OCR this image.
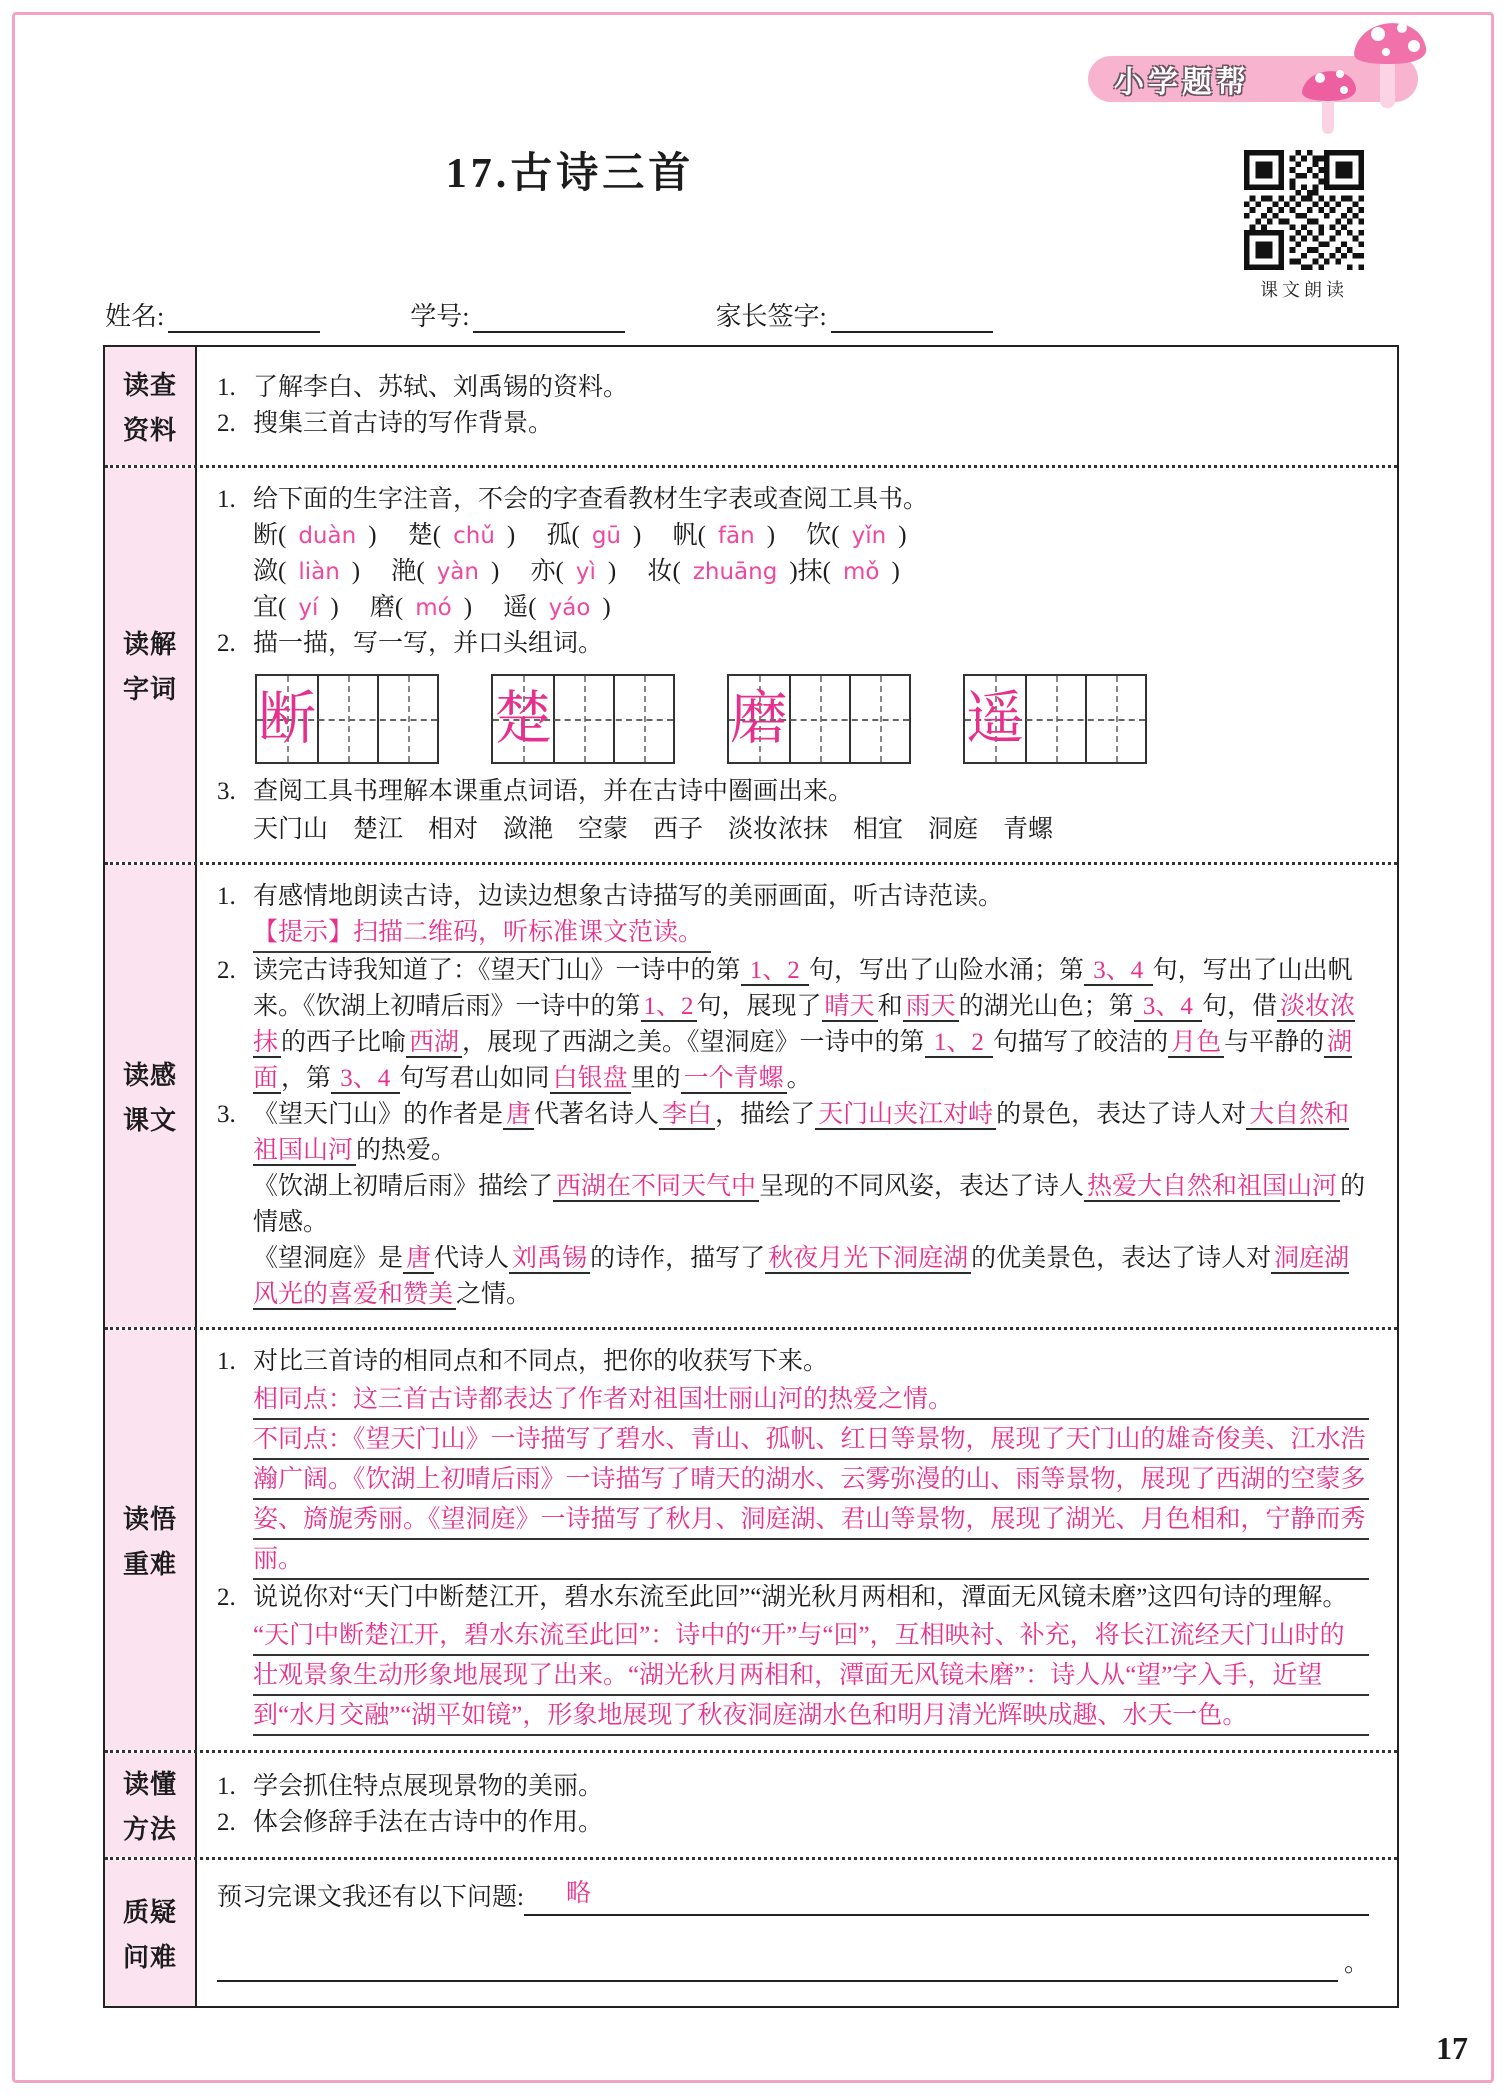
小学题帮
课文朗读
17.古诗三首
姓名:	学号:	家长签字:
读查
资料
1. 了解李白、苏轼、刘禹锡的资料。
2. 搜集三首古诗的写作背景。
读解
字词
1. 给下面的生字注音，不会的字查看教材生字表或查阅工具书。

断( duàn )　 楚( chǔ )　 孤( gū )　 帆( fān )　 饮( yǐn )

潋( liàn )　 滟( yàn )　 亦( yì )　 妆( zhuāng )抹( mǒ )

宜( yí )　 磨( mó )　 遥( yáo )

2. 描一描，写一写，并口头组词。

断	楚	磨	遥
3. 查阅工具书理解本课重点词语，并在古诗中圈画出来。

天门山　楚江　相对　潋滟　空蒙　西子　淡妆浓抹　相宜　洞庭　青螺

读感
课文
1. 有感情地朗读古诗，边读边想象古诗描写的美丽画面，听古诗范读。

【提示】扫描二维码，听标准课文范读。

2. 读完古诗我知道了：《望天门山》一诗中的第 1、2 句，写出了山险水涌；第 3、4 句，写出了山出帆来。《饮湖上初晴后雨》一诗中的第 1、2 句，展现了 晴天 和 雨天 的湖光山色；第 3、4 句，借 淡妆浓抹 的西子比喻 西湖 ，展现了西湖之美。《望洞庭》一诗中的第 1、2 句描写了皎洁的 月色 与平静的 湖面 ，第 3、4 句写君山如同 白银盘 里的 一个青螺 。

3. 《望天门山》的作者是 唐 代著名诗人 李白 ，描绘了 天门山夹江对峙 的景色，表达了诗人对 大自然和祖国山河 的热爱。

《饮湖上初晴后雨》描绘了 西湖在不同天气中 呈现的不同风姿，表达了诗人 热爱大自然和祖国山河 的情感。

《望洞庭》是 唐 代诗人 刘禹锡 的诗作，描写了 秋夜月光下洞庭湖 的优美景色，表达了诗人对 洞庭湖风光的喜爱和赞美 之情。

读悟
重难
1. 对比三首诗的相同点和不同点，把你的收获写下来。

相同点：这三首古诗都表达了作者对祖国壮丽山河的热爱之情。

不同点：《望天门山》一诗描写了碧水、青山、孤帆、红日等景物，展现了天门山的雄奇俊美、江水浩瀚广阔。《饮湖上初晴后雨》一诗描写了晴天的湖水、云雾弥漫的山、雨等景物，展现了西湖的空蒙多姿、旖旎秀丽。《望洞庭》一诗描写了秋月、洞庭湖、君山等景物，展现了湖光、月色相和，宁静而秀丽。

2. 说说你对“天门中断楚江开，碧水东流至此回”“湖光秋月两相和，潭面无风镜未磨”这四句诗的理解。

“天门中断楚江开，碧水东流至此回”：诗中的“开”与“回”，互相映衬、补充，将长江流经天门山时的壮观景象生动形象地展现了出来。“湖光秋月两相和，潭面无风镜未磨”：诗人从“望”字入手，近望到“水月交融”“湖平如镜”，形象地展现了秋夜洞庭湖水色和明月清光辉映成趣、水天一色。

读懂
方法
1. 学会抓住特点展现景物的美丽。
2. 体会修辞手法在古诗中的作用。
质疑
问难
预习完课文我还有以下问题: 略
。
17
